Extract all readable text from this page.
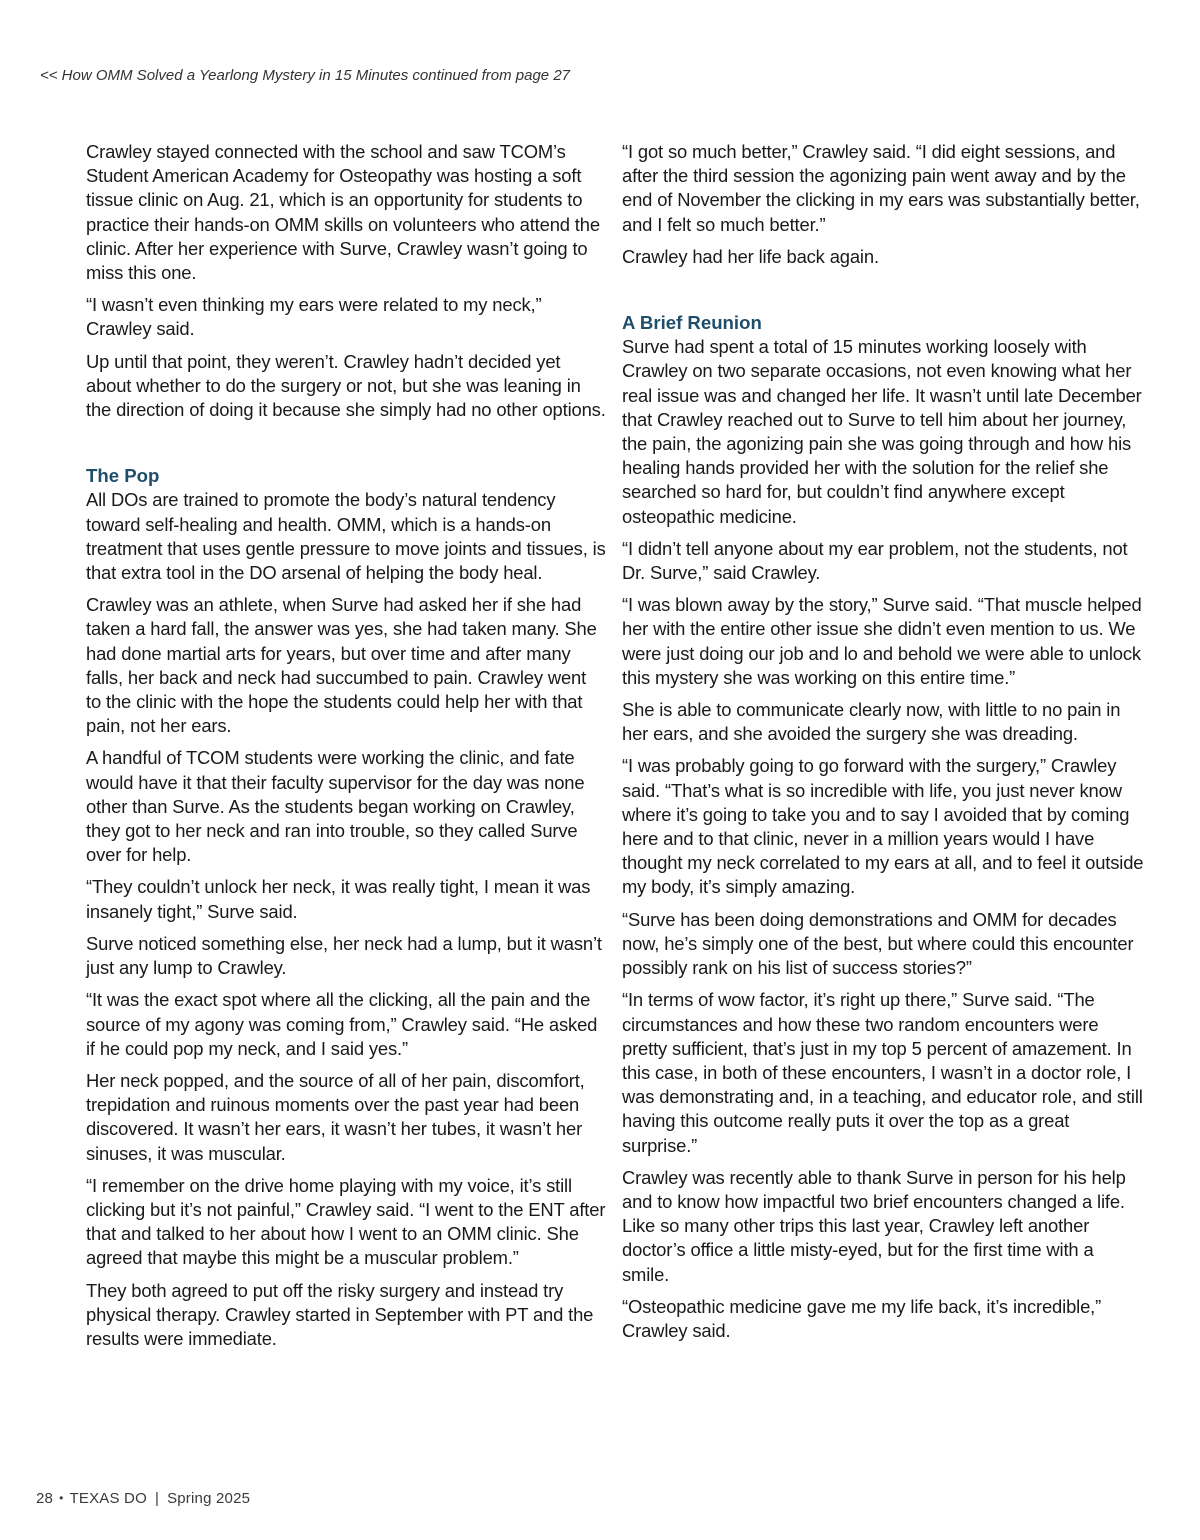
<< How OMM Solved a Yearlong Mystery in 15 Minutes continued from page 27

Crawley stayed connected with the school and saw TCOM’s Student American Academy for Osteopathy was hosting a soft tissue clinic on Aug. 21, which is an opportunity for students to practice their hands-on OMM skills on volunteers who attend the clinic. After her experience with Surve, Crawley wasn’t going to miss this one.

“I wasn’t even thinking my ears were related to my neck,” Crawley said.

Up until that point, they weren’t. Crawley hadn’t decided yet about whether to do the surgery or not, but she was leaning in the direction of doing it because she simply had no other options.

The Pop

All DOs are trained to promote the body’s natural tendency toward self-healing and health. OMM, which is a hands-on treatment that uses gentle pressure to move joints and tissues, is that extra tool in the DO arsenal of helping the body heal.

Crawley was an athlete, when Surve had asked her if she had taken a hard fall, the answer was yes, she had taken many. She had done martial arts for years, but over time and after many falls, her back and neck had succumbed to pain. Crawley went to the clinic with the hope the students could help her with that pain, not her ears.

A handful of TCOM students were working the clinic, and fate would have it that their faculty supervisor for the day was none other than Surve. As the students began working on Crawley, they got to her neck and ran into trouble, so they called Surve over for help.

“They couldn’t unlock her neck, it was really tight, I mean it was insanely tight,” Surve said.

Surve noticed something else, her neck had a lump, but it wasn’t just any lump to Crawley.

“It was the exact spot where all the clicking, all the pain and the source of my agony was coming from,” Crawley said. “He asked if he could pop my neck, and I said yes.”

Her neck popped, and the source of all of her pain, discomfort, trepidation and ruinous moments over the past year had been discovered. It wasn’t her ears, it wasn’t her tubes, it wasn’t her sinuses, it was muscular.

“I remember on the drive home playing with my voice, it’s still clicking but it’s not painful,” Crawley said. “I went to the ENT after that and talked to her about how I went to an OMM clinic. She agreed that maybe this might be a muscular problem.”

They both agreed to put off the risky surgery and instead try physical therapy. Crawley started in September with PT and the results were immediate.

“I got so much better,” Crawley said. “I did eight sessions, and after the third session the agonizing pain went away and by the end of November the clicking in my ears was substantially better, and I felt so much better.”

Crawley had her life back again.

A Brief Reunion

Surve had spent a total of 15 minutes working loosely with Crawley on two separate occasions, not even knowing what her real issue was and changed her life. It wasn’t until late December that Crawley reached out to Surve to tell him about her journey, the pain, the agonizing pain she was going through and how his healing hands provided her with the solution for the relief she searched so hard for, but couldn’t find anywhere except osteopathic medicine.

“I didn’t tell anyone about my ear problem, not the students, not Dr. Surve,” said Crawley.

“I was blown away by the story,” Surve said. “That muscle helped her with the entire other issue she didn’t even mention to us. We were just doing our job and lo and behold we were able to unlock this mystery she was working on this entire time.”

She is able to communicate clearly now, with little to no pain in her ears, and she avoided the surgery she was dreading.

“I was probably going to go forward with the surgery,” Crawley said. “That’s what is so incredible with life, you just never know where it’s going to take you and to say I avoided that by coming here and to that clinic, never in a million years would I have thought my neck correlated to my ears at all, and to feel it outside my body, it’s simply amazing.

“Surve has been doing demonstrations and OMM for decades now, he’s simply one of the best, but where could this encounter possibly rank on his list of success stories?”

“In terms of wow factor, it’s right up there,” Surve said. “The circumstances and how these two random encounters were pretty sufficient, that’s just in my top 5 percent of amazement. In this case, in both of these encounters, I wasn’t in a doctor role, I was demonstrating and, in a teaching, and educator role, and still having this outcome really puts it over the top as a great surprise.”

Crawley was recently able to thank Surve in person for his help and to know how impactful two brief encounters changed a life. Like so many other trips this last year, Crawley left another doctor’s office a little misty-eyed, but for the first time with a smile.

“Osteopathic medicine gave me my life back, it’s incredible,” Crawley said.

28 • TEXAS DO | Spring 2025
